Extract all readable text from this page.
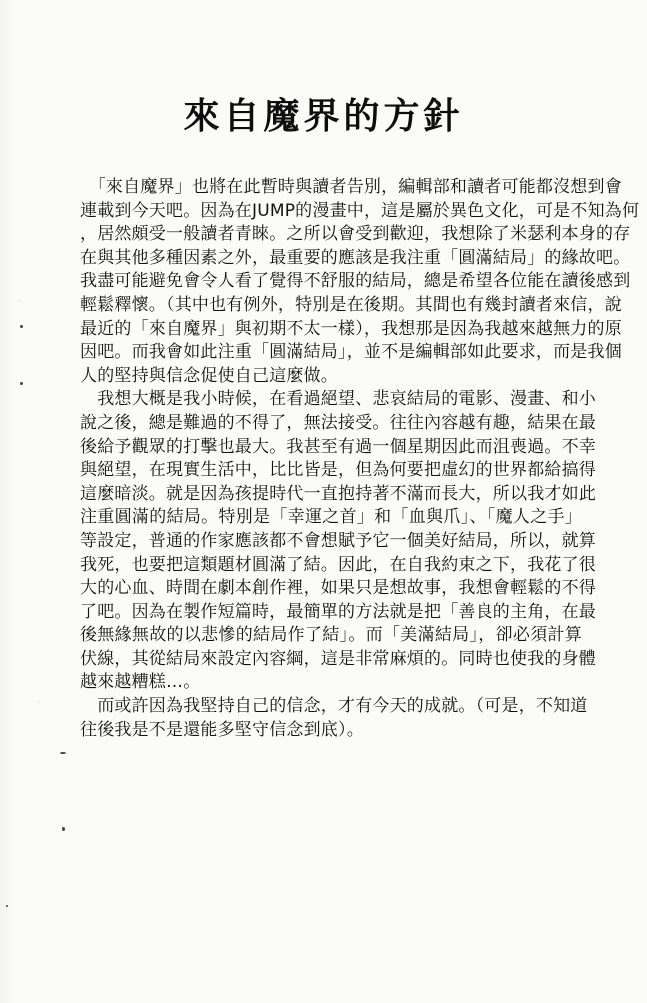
來自魔界的方針
　「來自魔界」也將在此暫時與讀者告別，編輯部和讀者可能都沒想到會
連載到今天吧。因為在JUMP的漫畫中，這是屬於異色文化，可是不知為何
，居然頗受一般讀者青睞。之所以會受到歡迎，我想除了米瑟利本身的存
在與其他多種因素之外，最重要的應該是我注重「圓滿結局」的緣故吧。
我盡可能避免會令人看了覺得不舒服的結局，總是希望各位能在讀後感到
輕鬆釋懷。（其中也有例外，特別是在後期。其間也有幾封讀者來信，說
最近的「來自魔界」與初期不太一樣），我想那是因為我越來越無力的原
因吧。而我會如此注重「圓滿結局」，並不是編輯部如此要求，而是我個
人的堅持與信念促使自己這麼做。
　我想大概是我小時候，在看過絕望、悲哀結局的電影、漫畫、和小
說之後，總是難過的不得了，無法接受。往往內容越有趣，結果在最
後給予觀眾的打擊也最大。我甚至有過一個星期因此而沮喪過。不幸
與絕望，在現實生活中，比比皆是，但為何要把虛幻的世界都給搞得
這麼暗淡。就是因為孩提時代一直抱持著不滿而長大，所以我才如此
注重圓滿的結局。特別是「幸運之首」和「血與爪」、「魔人之手」
等設定，普通的作家應該都不會想賦予它一個美好結局，所以，就算
我死，也要把這類題材圓滿了結。因此，在自我約束之下，我花了很
大的心血、時間在劇本創作裡，如果只是想故事，我想會輕鬆的不得
了吧。因為在製作短篇時，最簡單的方法就是把「善良的主角，在最
後無緣無故的以悲慘的結局作了結」。而「美滿結局」，卻必須計算
伏線，其從結局來設定內容綱，這是非常麻煩的。同時也使我的身體
越來越糟糕…。
　而或許因為我堅持自己的信念，才有今天的成就。（可是，不知道
往後我是不是還能多堅守信念到底）。
